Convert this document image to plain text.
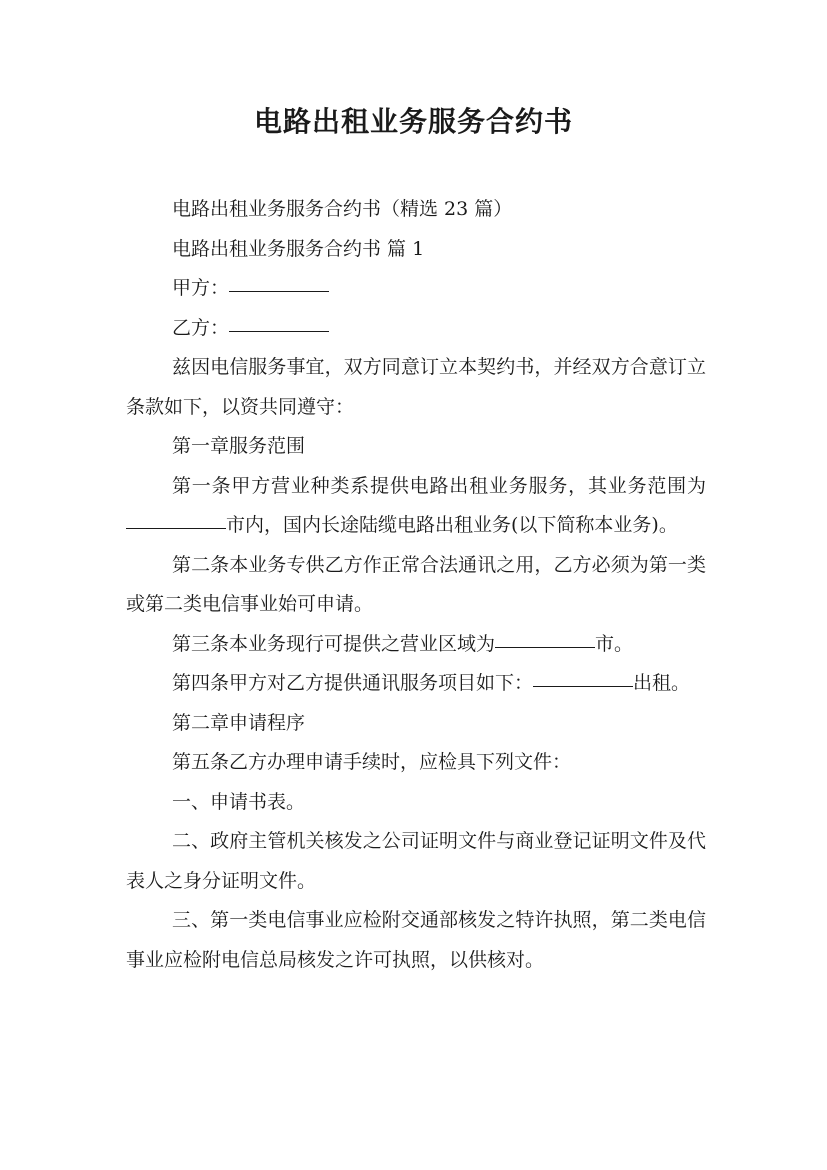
电路出租业务服务合约书

电路出租业务服务合约书（精选 23 篇）

电路出租业务服务合约书 篇 1

甲方：

乙方：

兹因电信服务事宜，双方同意订立本契约书，并经双方合意订立条款如下，以资共同遵守：

第一章服务范围

第一条甲方营业种类系提供电路出租业务服务，其业务范围为市内，国内长途陆缆电路出租业务(以下简称本业务)。

第二条本业务专供乙方作正常合法通讯之用，乙方必须为第一类或第二类电信事业始可申请。

第三条本业务现行可提供之营业区域为	市。

第四条甲方对乙方提供通讯服务项目如下：	出租。

第二章申请程序

第五条乙方办理申请手续时，应检具下列文件：

一、申请书表。

二、政府主管机关核发之公司证明文件与商业登记证明文件及代表人之身分证明文件。

三、第一类电信事业应检附交通部核发之特许执照，第二类电信事业应检附电信总局核发之许可执照，以供核对。
